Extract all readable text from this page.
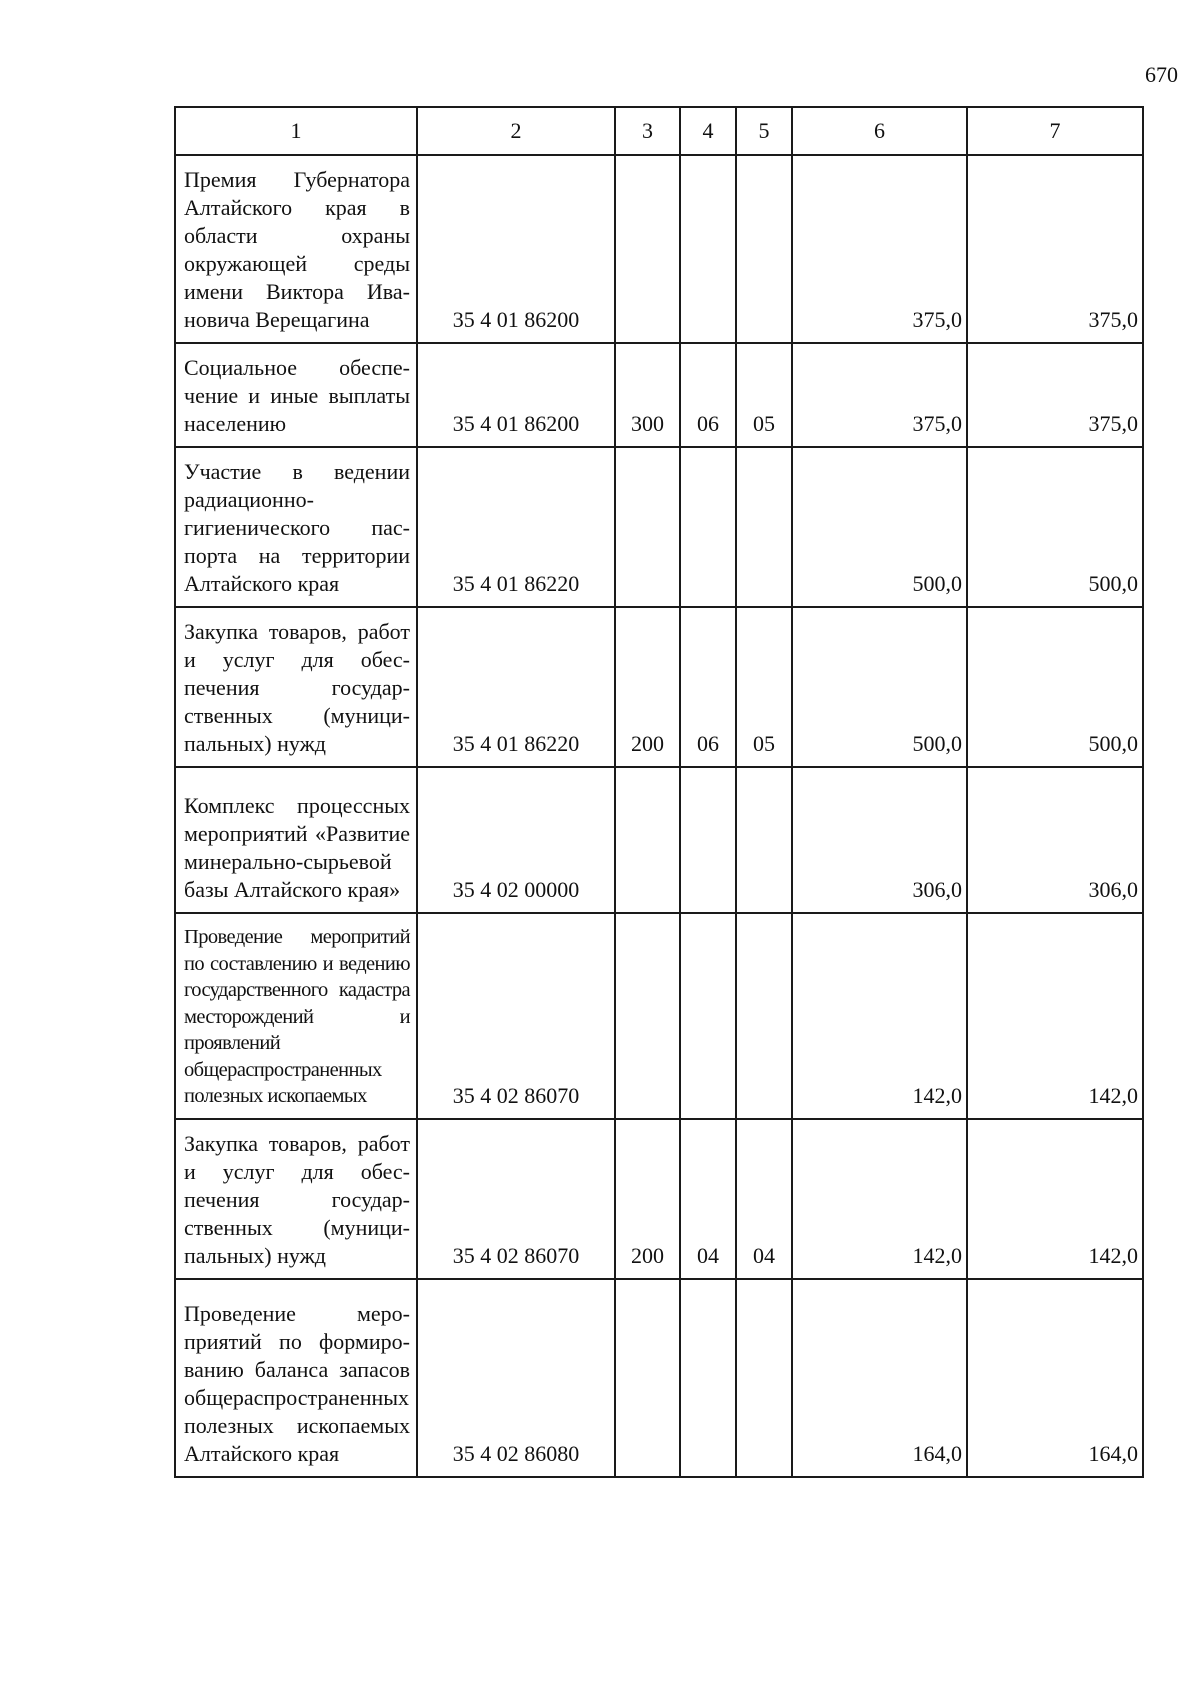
670
1	2	3	4	5	6	7
Премия Губернатора Алтайского края в области охраны окружающей среды имени Виктора Ивановича Верещагина	35 4 01 86200				375,0	375,0
Социальное обеспечение и иные выплаты населению	35 4 01 86200	300	06	05	375,0	375,0
Участие в ведении радиационно-гигиенического паспорта на территории Алтайского края	35 4 01 86220				500,0	500,0
Закупка товаров, работ и услуг для обеспечения государственных (муниципальных) нужд	35 4 01 86220	200	06	05	500,0	500,0
Комплекс процессных мероприятий «Развитие минерально-сырьевой базы Алтайского края»	35 4 02 00000				306,0	306,0
Проведение меропритий по составлению и ведению государственного кадастра месторождений и проявлений общераспространенных полезных ископаемых	35 4 02 86070				142,0	142,0
Закупка товаров, работ и услуг для обеспечения государственных (муниципальных) нужд	35 4 02 86070	200	04	04	142,0	142,0
Проведение мероприятий по формированию баланса запасов общераспространенных полезных ископаемых Алтайского края	35 4 02 86080				164,0	164,0
